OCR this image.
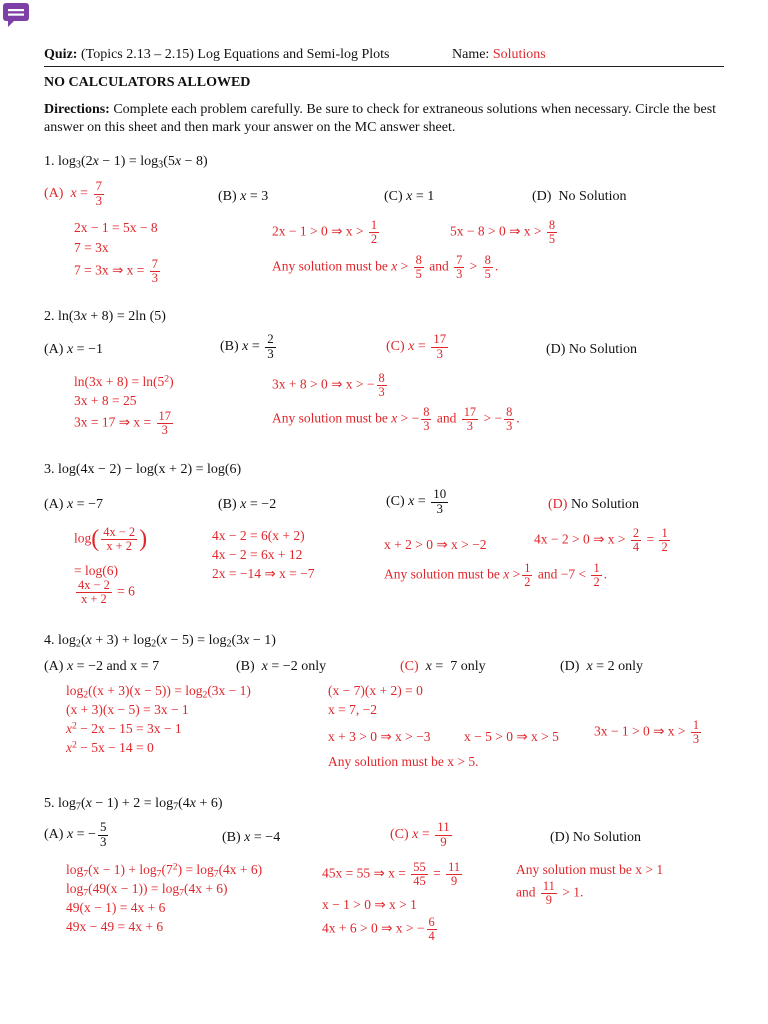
Quiz: (Topics 2.13 – 2.15) Log Equations and Semi-log Plots	Name: Solutions
NO CALCULATORS ALLOWED
Directions: Complete each problem carefully. Be sure to check for extraneous solutions when necessary. Circle the best answer on this sheet and then mark your answer on the MC answer sheet.
1. $\log_3(2x - 1) = \log_3(5x - 8)$
(A) $x = \frac{7}{3}$	(B) x = 3	(C) x = 1	(D) No Solution
2x − 1 = 5x − 8
7 = 3x
7 = 3x ⇒ $x = \frac{7}{3}$
2x − 1 > 0 ⇒ $x > \frac{1}{2}$	5x − 8 > 0 ⇒ $x > \frac{8}{5}$
Any solution must be $x > \frac{8}{5}$ and $\frac{7}{3} > \frac{8}{5}$ .
2. ln(3x + 8) = 2ln (5)
(A) x = −1	(B) $x = \frac{2}{3}$	(C) $x = \frac{17}{3}$	(D) No Solution
$\ln(3x + 8) = \ln(5^2)$
3x + 8 = 25
3x = 17 ⇒ $x = \frac{17}{3}$
3x + 8 > 0 ⇒ x > − $\frac{8}{3}$
Any solution must be x > − $\frac{8}{3}$ and $\frac{17}{3}$ > − $\frac{8}{3}$ .
3. log(4x − 2) − log(x + 2) = log(6)
(A) x = −7	(B) x = −2	(C) $x = \frac{10}{3}$	(D) No Solution
$\log( \frac{4x - 2}{x + 2}$ )
= log(6)
$\frac{4x - 2}{x + 2} = 6$
4x − 2 = 6(x + 2)
4x − 2 = 6x + 12
2x = −14 ⇒ x = −7
x + 2 > 0 ⇒ x > −2	4x − 2 > 0 ⇒ $x > \frac{2}{4} = \frac{1}{2}$
Any solution must be $x > \frac{1}{2}$ and $-7 < \frac{1}{2}$ .
4. $\log_2(x + 3) + \log_2(x - 5) = \log_2(3x - 1)$
(A) x = −2 and x = 7	(B) x = −2 only	(C) x =  7 only	(D) x = 2 only
$\log_2((x + 3)(x - 5)) = \log_2(3x - 1)$
(x + 3)(x − 5) = 3x − 1
$x^2 - 2x - 15 = 3x - 1$
$x^2 - 5x - 14 = 0$
(x − 7)(x + 2) = 0
x = 7, −2
x + 3 > 0 ⇒ x > −3 x − 5 > 0 ⇒ x > 5	3x − 1 > 0 ⇒ $x > \frac{1}{3}$
Any solution must be x > 5.
5. $\log_7(x - 1) + 2 = \log_7(4x + 6)$
(A) x = − $\frac{5}{3}$	(B) x = −4	(C) $x = \frac{11}{9}$	(D) No Solution
$\log_7(x - 1) + \log_7(7^2) = \log_7(4x + 6)$
$\log_7(49(x - 1)) = \log_7(4x + 6)$
49(x − 1) = 4x + 6
49x − 49 = 4x + 6
45x = 55 ⇒ $x = \frac{55}{45} = \frac{11}{9}$
x − 1 > 0 ⇒ x > 1
4x + 6 > 0 ⇒ x > − $\frac{6}{4}$
Any solution must be x > 1
and $\frac{11}{9} > 1$.
